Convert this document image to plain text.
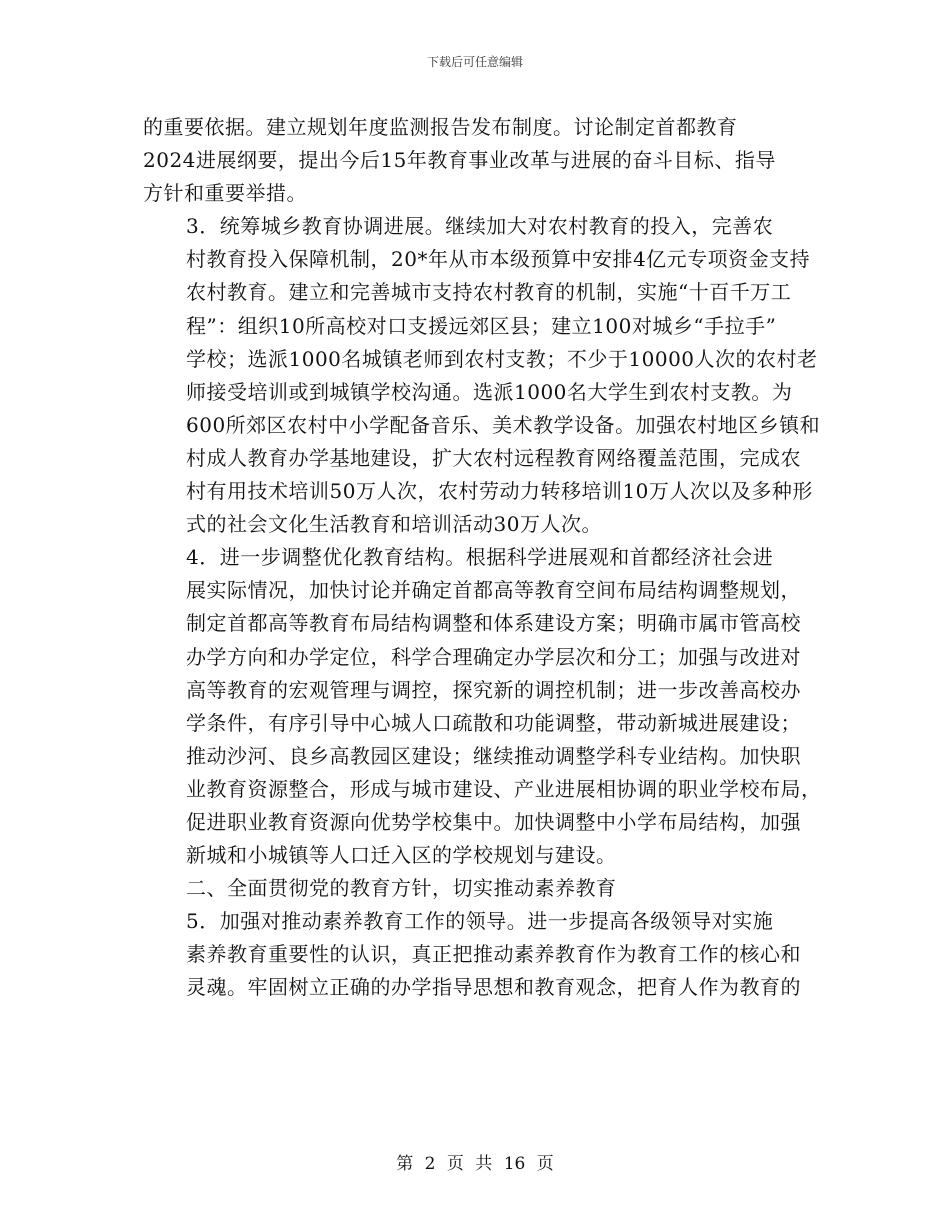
下载后可任意编辑

的重要依据。建立规划年度监测报告发布制度。讨论制定首都教育
2024进展纲要，提出今后15年教育事业改革与进展的奋斗目标、指导
方针和重要举措。

3．统筹城乡教育协调进展。继续加大对农村教育的投入，完善农
村教育投入保障机制，20*年从市本级预算中安排4亿元专项资金支持
农村教育。建立和完善城市支持农村教育的机制，实施“十百千万工
程”：组织10所高校对口支援远郊区县；建立100对城乡“手拉手”
学校；选派1000名城镇老师到农村支教；不少于10000人次的农村老
师接受培训或到城镇学校沟通。选派1000名大学生到农村支教。为
600所郊区农村中小学配备音乐、美术教学设备。加强农村地区乡镇和
村成人教育办学基地建设，扩大农村远程教育网络覆盖范围，完成农
村有用技术培训50万人次，农村劳动力转移培训10万人次以及多种形
式的社会文化生活教育和培训活动30万人次。

4．进一步调整优化教育结构。根据科学进展观和首都经济社会进
展实际情况，加快讨论并确定首都高等教育空间布局结构调整规划，
制定首都高等教育布局结构调整和体系建设方案；明确市属市管高校
办学方向和办学定位，科学合理确定办学层次和分工；加强与改进对
高等教育的宏观管理与调控，探究新的调控机制；进一步改善高校办
学条件，有序引导中心城人口疏散和功能调整，带动新城进展建设；
推动沙河、良乡高教园区建设；继续推动调整学科专业结构。加快职
业教育资源整合，形成与城市建设、产业进展相协调的职业学校布局，
促进职业教育资源向优势学校集中。加快调整中小学布局结构，加强
新城和小城镇等人口迁入区的学校规划与建设。

二、全面贯彻党的教育方针，切实推动素养教育

5．加强对推动素养教育工作的领导。进一步提高各级领导对实施
素养教育重要性的认识，真正把推动素养教育作为教育工作的核心和
灵魂。牢固树立正确的办学指导思想和教育观念，把育人作为教育的

第 2 页 共 16 页
